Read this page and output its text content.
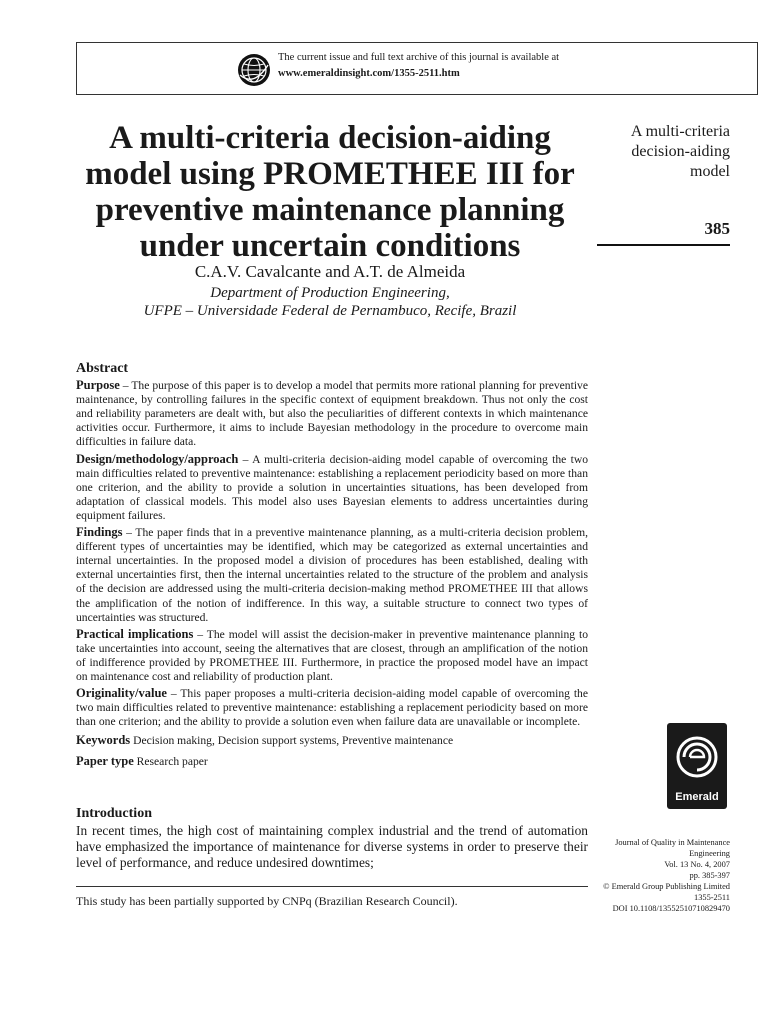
The current issue and full text archive of this journal is available at
www.emeraldinsight.com/1355-2511.htm
A multi-criteria decision-aiding
model using PROMETHEE III for
preventive maintenance planning
under uncertain conditions
C.A.V. Cavalcante and A.T. de Almeida
Department of Production Engineering,
UFPE – Universidade Federal de Pernambuco, Recife, Brazil
A multi-criteria
decision-aiding
model
385
Abstract

Purpose – The purpose of this paper is to develop a model that permits more rational planning for preventive maintenance, by controlling failures in the specific context of equipment breakdown. Thus not only the cost and reliability parameters are dealt with, but also the peculiarities of different contexts in which maintenance activities occur. Furthermore, it aims to include Bayesian methodology in the procedure to overcome main difficulties in failure data.

Design/methodology/approach – A multi-criteria decision-aiding model capable of overcoming the two main difficulties related to preventive maintenance: establishing a replacement periodicity based on more than one criterion, and the ability to provide a solution in uncertainties situations, has been developed from adaptation of classical models. This model also uses Bayesian elements to address uncertainties during equipment failures.

Findings – The paper finds that in a preventive maintenance planning, as a multi-criteria decision problem, different types of uncertainties may be identified, which may be categorized as external uncertainties and internal uncertainties. In the proposed model a division of procedures has been established, dealing with external uncertainties first, then the internal uncertainties related to the structure of the problem and analysis of the decision are addressed using the multi-criteria decision-making method PROMETHEE III that allows the amplification of the notion of indifference. In this way, a suitable structure to connect two types of uncertainties was structured.

Practical implications – The model will assist the decision-maker in preventive maintenance planning to take uncertainties into account, seeing the alternatives that are closest, through an amplification of the notion of indifference provided by PROMETHEE III. Furthermore, in practice the proposed model have an impact on maintenance cost and reliability of production plant.

Originality/value – This paper proposes a multi-criteria decision-aiding model capable of overcoming the two main difficulties related to preventive maintenance: establishing a replacement periodicity based on more than one criterion; and the ability to provide a solution even when failure data are unavailable or incomplete.

Keywords Decision making, Decision support systems, Preventive maintenance

Paper type Research paper

Introduction
In recent times, the high cost of maintaining complex industrial and the trend of automation have emphasized the importance of maintenance for diverse systems in order to preserve their level of performance, and reduce undesired downtimes;
This study has been partially supported by CNPq (Brazilian Research Council).
Emerald
Journal of Quality in Maintenance
Engineering
Vol. 13 No. 4, 2007
pp. 385-397
© Emerald Group Publishing Limited
1355-2511
DOI 10.1108/13552510710829470
